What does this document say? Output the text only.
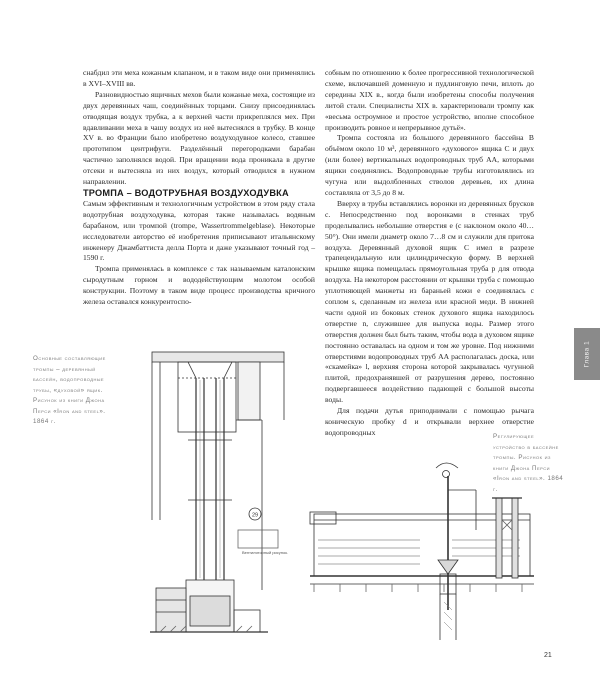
снабдил эти меха кожаным клапаном, и в таком виде они применялись в XVI–XVIII вв.

Разновидностью ящичных мехов были кожаные меха, состоящие из двух деревянных чаш, соединённых торцами. Снизу присоединялась отводящая воздух трубка, а к верхней части прикреплялся мех. При вдавливании меха в чашу воздух из неё вытеснялся в трубку. В конце XV в. во Франции было изобретено воздуходувное колесо, ставшее прототипом центрифуги. Разделённый перегородками барабан частично заполнялся водой. При вращении вода проникала в другие отсеки и вытесняла из них воздух, который отводился в нужном направлении.

ТРОМПА – ВОДОТРУБНАЯ ВОЗДУХОДУВКА

Самым эффективным и технологичным устройством в этом ряду стала водотрубная воздуходувка, которая также называлась водяным барабаном, или тромпой (trompe, Wassertrommelgeblase). Некоторые исследователи авторство её изобретения приписывают итальянскому инженеру Джамбаттиста делла Порта и даже указывают точный год – 1590 г.

Тромпа применялась в комплексе с так называемым каталонским сыродутным горном и вододействующим молотом особой конструкции. Поэтому в таком виде процесс производства кричного железа оставался конкурентоспо-

собным по отношению к более прогрессивной технологической схеме, включавшей доменную и пудлинговую печи, вплоть до середины XIX в., когда были изобретены способы получения литой стали. Специалисты XIX в. характеризовали тромпу как «весьма остроумное и простое устройство, вполне способное производить ровное и непрерывное дутьё».

Тромпа состояла из большого деревянного бассейна B объёмом около 10 м³, деревянного «духового» ящика C и двух (или более) вертикальных водопроводных труб AA, которыми ящики соединялись. Водопроводные трубы изготовлялись из чугуна или выдолбленных стволов деревьев, их длина составляла от 3,5 до 8 м.

Вверху в трубы вставлялись воронки из деревянных брусков c. Непосредственно под воронками в стенках труб проделывались небольшие отверстия e (с наклоном около 40…50°). Они имели диаметр около 7…8 см и служили для притока воздуха. Деревянный духовой ящик C имел в разрезе трапецеидальную или цилиндрическую форму. В верхней крышке ящика помещалась прямоугольная труба p для отвода воздуха. На некотором расстоянии от крышки труба с помощью уплотняющей манжеты из бараньей кожи e соединялась с соплом s, сделанным из железа или красной меди. В нижней части одной из боковых стенок духового ящика находилось отверстие n, служившее для выпуска воды. Размер этого отверстия должен был быть таким, чтобы вода в духовом ящике постоянно оставалась на одном и том же уровне. Под нижними отверстиями водопроводных труб AA располагалась доска, или «скамейка» l, верхняя сторона которой закрывалась чугунной плитой, предохранявшей от разрушения дерево, постоянно подвергавшееся воздействию падающей с большой высоты воды.

Для подачи дутья приподнимали с помощью рычага коническую пробку d и открывали верхнее отверстие водопроводных

Основные составляющие тромпы – деревянный бассейн, водопроводные трубы, «духовой» ящик. Рисунок из книги Джона Перси «Iron and steel». 1864 г.
Регулирующее устройство в бассейне тромпы. Рисунок из книги Джона Перси «Iron and steel». 1864 г.
Глава 1
21
29
Вентиляторный рисунок.
